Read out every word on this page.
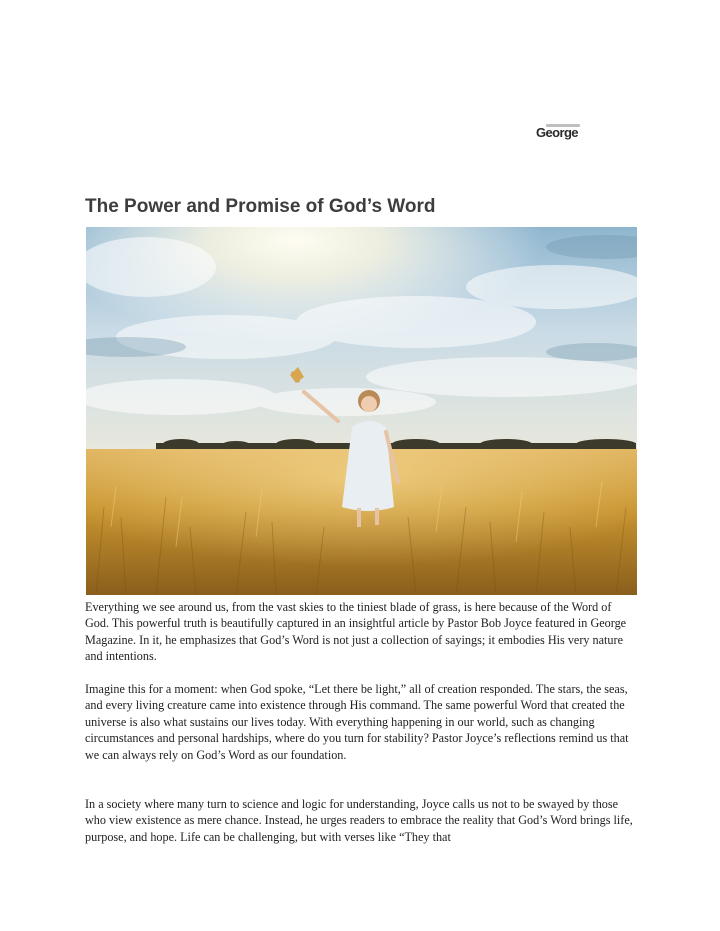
George
The Power and Promise of God’s Word

Everything we see around us, from the vast skies to the tiniest blade of grass, is here because of the Word of God. This powerful truth is beautifully captured in an insightful article by Pastor Bob Joyce featured in George Magazine. In it, he emphasizes that God’s Word is not just a collection of sayings; it embodies His very nature and intentions.

Imagine this for a moment: when God spoke, “Let there be light,” all of creation responded. The stars, the seas, and every living creature came into existence through His command. The same powerful Word that created the universe is also what sustains our lives today. With everything happening in our world, such as changing circumstances and personal hardships, where do you turn for stability? Pastor Joyce’s reflections remind us that we can always rely on God’s Word as our foundation.

In a society where many turn to science and logic for understanding, Joyce calls us not to be swayed by those who view existence as mere chance. Instead, he urges readers to embrace the reality that God’s Word brings life, purpose, and hope. Life can be challenging, but with verses like “They that
